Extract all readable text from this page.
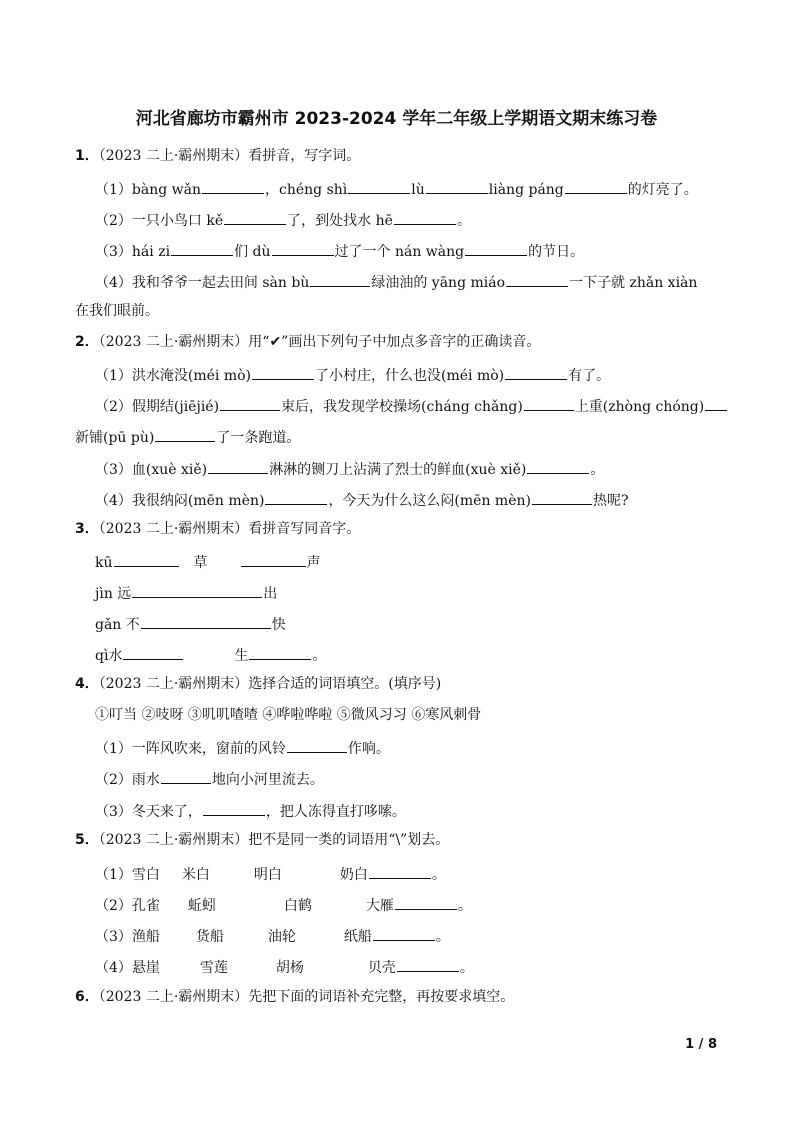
河北省廊坊市霸州市 2023-2024 学年二年级上学期语文期末练习卷
1．（2023 二上·霸州期末）看拼音，写字词。
（1）bàng wǎn	，chéng shì	lù	liàng páng	的灯亮了。
（2）一只小鸟口 kě	了，到处找水 hē	。
（3）hái zi	们 dù	过了一个 nán wàng	的节日。
（4）我和爷爷一起去田间 sàn bù	绿油油的 yāng miáo	一下子就 zhǎn xiàn
在我们眼前。
2．（2023 二上·霸州期末）用“✔”画出下列句子中加点多音字的正确读音。
（1）洪水淹没(méi mò)	了小村庄，什么也没(méi mò)	有了。
（2）假期结(jiējié)	束后，我发现学校操场(cháng chǎng)	上重(zhòng chóng)
新铺(pū pù)	了一条跑道。
（3）血(xuè xiě)	淋淋的铡刀上沾满了烈士的鲜血(xuè xiě)	。
（4）我很纳闷(mēn mèn)	，今天为什么这么闷(mēn mèn)	热呢?
3．（2023 二上·霸州期末）看拼音写同音字。
kū	草	声
jìn 远	出
gǎn 不	快
qì水	生	。
4．（2023 二上·霸州期末）选择合适的词语填空。(填序号)
①叮当 ②吱呀 ③叽叽喳喳 ④哗啦哗啦 ⑤微风习习 ⑥寒风刺骨
（1）一阵风吹来，窗前的风铃	作响。
（2）雨水	地向小河里流去。
（3）冬天来了，	，把人冻得直打哆嗦。
5．（2023 二上·霸州期末）把不是同一类的词语用“\”划去。
（1）雪白 米白	明白	奶白	。
（2）孔雀 蚯蚓	白鹤	大雁	。
（3）渔船	货船	油轮	纸船	。
（4）悬崖	雪莲	胡杨	贝壳	。
6．（2023 二上·霸州期末）先把下面的词语补充完整，再按要求填空。
1 / 8
